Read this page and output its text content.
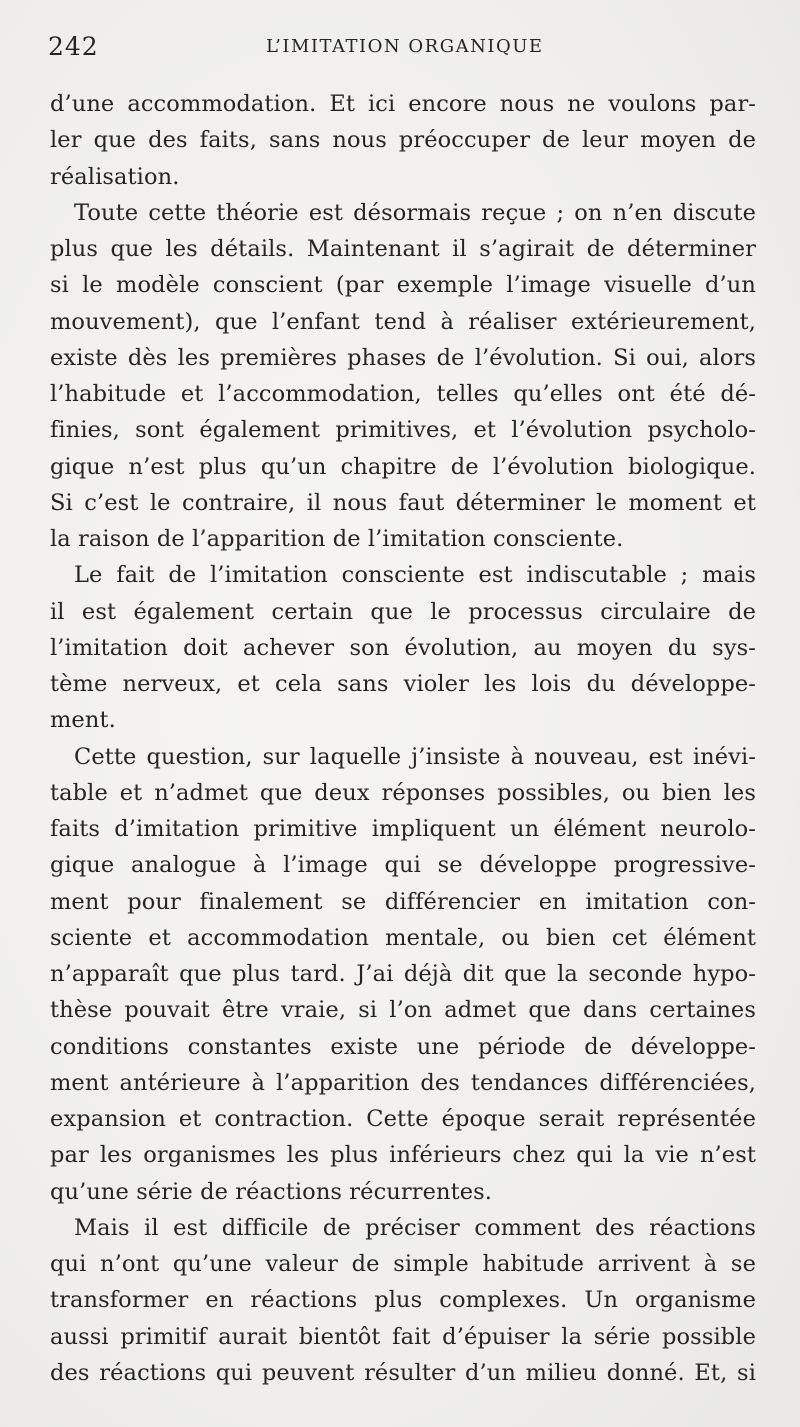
242	L’IMITATION ORGANIQUE
d’une accommodation. Et ici encore nous ne voulons par-
ler que des faits, sans nous préoccuper de leur moyen de
réalisation.
Toute cette théorie est désormais reçue ; on n’en discute
plus que les détails. Maintenant il s’agirait de déterminer
si le modèle conscient (par exemple l’image visuelle d’un
mouvement), que l’enfant tend à réaliser extérieurement,
existe dès les premières phases de l’évolution. Si oui, alors
l’habitude et l’accommodation, telles qu’elles ont été dé-
finies, sont également primitives, et l’évolution psycholo-
gique n’est plus qu’un chapitre de l’évolution biologique.
Si c’est le contraire, il nous faut déterminer le moment et
la raison de l’apparition de l’imitation consciente.
Le fait de l’imitation consciente est indiscutable ; mais
il est également certain que le processus circulaire de
l’imitation doit achever son évolution, au moyen du sys-
tème nerveux, et cela sans violer les lois du développe-
ment.
Cette question, sur laquelle j’insiste à nouveau, est inévi-
table et n’admet que deux réponses possibles, ou bien les
faits d’imitation primitive impliquent un élément neurolo-
gique analogue à l’image qui se développe progressive-
ment pour finalement se différencier en imitation con-
sciente et accommodation mentale, ou bien cet élément
n’apparaît que plus tard. J’ai déjà dit que la seconde hypo-
thèse pouvait être vraie, si l’on admet que dans certaines
conditions constantes existe une période de développe-
ment antérieure à l’apparition des tendances différenciées,
expansion et contraction. Cette époque serait représentée
par les organismes les plus inférieurs chez qui la vie n’est
qu’une série de réactions récurrentes.
Mais il est difficile de préciser comment des réactions
qui n’ont qu’une valeur de simple habitude arrivent à se
transformer en réactions plus complexes. Un organisme
aussi primitif aurait bientôt fait d’épuiser la série possible
des réactions qui peuvent résulter d’un milieu donné. Et, si
